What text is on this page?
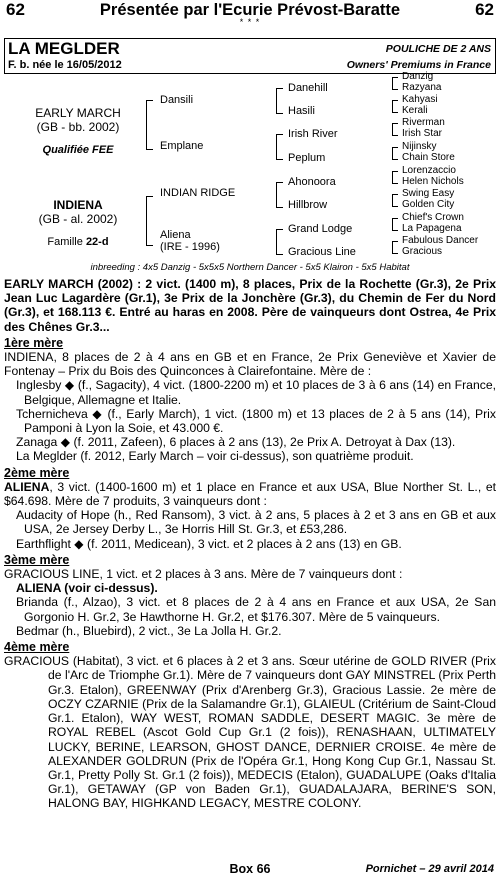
62	Présentée par l'Ecurie Prévost-Baratte	62
* * *
LA MEGLDER	POULICHE DE 2 ANS
F. b. née le 16/05/2012	Owners' Premiums in France
EARLY MARCH
(GB - bb. 2002)
Qualifiée FEE
INDIENA
(GB - al. 2002)
Famille 22-d
Dansili
Emplane
INDIAN RIDGE
Aliena
(IRE - 1996)
Danehill
Hasili
Irish River
Peplum
Ahonoora
Hillbrow
Grand Lodge
Gracious Line
Danzig
Razyana
Kahyasi
Kerali
Riverman
Irish Star
Nijinsky
Chain Store
Lorenzaccio
Helen Nichols
Swing Easy
Golden City
Chief's Crown
La Papagena
Fabulous Dancer
Gracious
inbreeding : 4x5 Danzig - 5x5x5 Northern Dancer - 5x5 Klairon - 5x5 Habitat

EARLY MARCH (2002) : 2 vict. (1400 m), 8 places, Prix de la Rochette (Gr.3), 2e Prix Jean Luc Lagardère (Gr.1), 3e Prix de la Jonchère (Gr.3), du Chemin de Fer du Nord (Gr.3), et 168.113 €. Entré au haras en 2008. Père de vainqueurs dont Ostrea, 4e Prix des Chênes Gr.3...

1ère mère

INDIENA, 8 places de 2 à 4 ans en GB et en France, 2e Prix Geneviève et Xavier de Fontenay – Prix du Bois des Quinconces à Clairefontaine. Mère de :

Inglesby ◆ (f., Sagacity), 4 vict. (1800-2200 m) et 10 places de 3 à 6 ans (14) en France, Belgique, Allemagne et Italie.

Tchernicheva ◆ (f., Early March), 1 vict. (1800 m) et 13 places de 2 à 5 ans (14), Prix Pamponi à Lyon la Soie, et 43.000 €.

Zanaga ◆ (f. 2011, Zafeen), 6 places à 2 ans (13), 2e Prix A. Detroyat à Dax (13).

La Meglder (f. 2012, Early March – voir ci-dessus), son quatrième produit.

2ème mère

ALIENA, 3 vict. (1400-1600 m) et 1 place en France et aux USA, Blue Norther St. L., et $64.698. Mère de 7 produits, 3 vainqueurs dont :

Audacity of Hope (h., Red Ransom), 3 vict. à 2 ans, 5 places à 2 et 3 ans en GB et aux USA, 2e Jersey Derby L., 3e Horris Hill St. Gr.3, et £53,286.

Earthflight ◆ (f. 2011, Medicean), 3 vict. et 2 places à 2 ans (13) en GB.

3ème mère

GRACIOUS LINE, 1 vict. et 2 places à 3 ans. Mère de 7 vainqueurs dont :

ALIENA (voir ci-dessus).

Brianda (f., Alzao), 3 vict. et 8 places de 2 à 4 ans en France et aux USA, 2e San Gorgonio H. Gr.2, 3e Hawthorne H. Gr.2, et $176.307. Mère de 5 vainqueurs.

Bedmar (h., Bluebird), 2 vict., 3e La Jolla H. Gr.2.

4ème mère

GRACIOUS (Habitat), 3 vict. et 6 places à 2 et 3 ans. Sœur utérine de GOLD RIVER (Prix de l'Arc de Triomphe Gr.1). Mère de 7 vainqueurs dont GAY MINSTREL (Prix Perth Gr.3. Etalon), GREENWAY (Prix d'Arenberg Gr.3), Gracious Lassie. 2e mère de OCZY CZARNIE (Prix de la Salamandre Gr.1), GLAIEUL (Critérium de Saint-Cloud Gr.1. Etalon), WAY WEST, ROMAN SADDLE, DESERT MAGIC. 3e mère de ROYAL REBEL (Ascot Gold Cup Gr.1 (2 fois)), RENASHAAN, ULTIMATELY LUCKY, BERINE, LEARSON, GHOST DANCE, DERNIER CROISE. 4e mère de ALEXANDER GOLDRUN (Prix de l'Opéra Gr.1, Hong Kong Cup Gr.1, Nassau St. Gr.1, Pretty Polly St. Gr.1 (2 fois)), MEDECIS (Etalon), GUADALUPE (Oaks d'Italia Gr.1), GETAWAY (GP von Baden Gr.1), GUADALAJARA, BERINE'S SON, HALONG BAY, HIGHKAND LEGACY, MESTRE COLONY.

Box 66	Pornichet – 29 avril 2014
